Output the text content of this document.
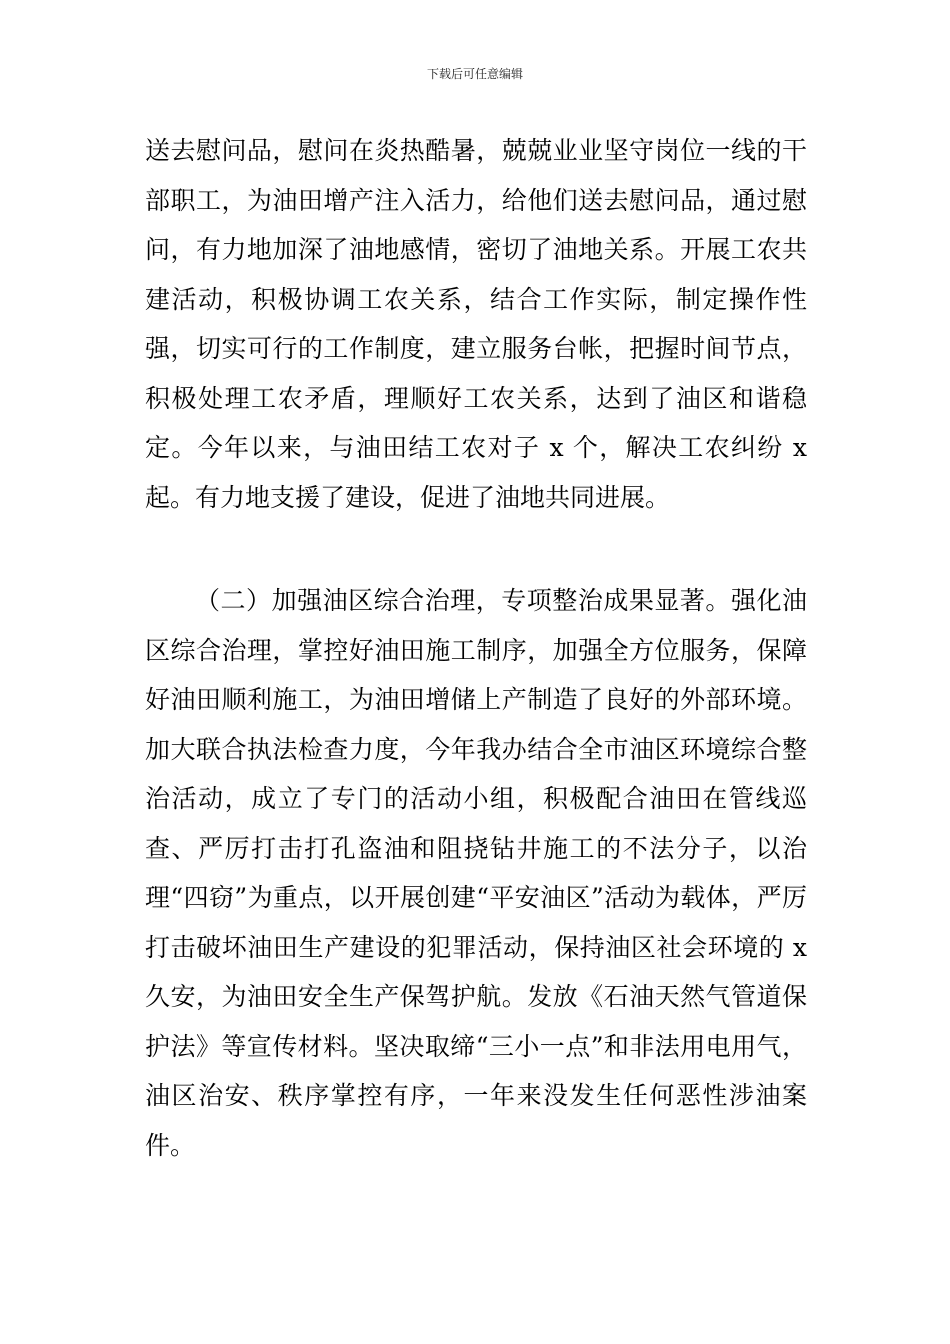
下载后可任意编辑

送去慰问品，慰问在炎热酷暑，兢兢业业坚守岗位一线的干部职工，为油田增产注入活力，给他们送去慰问品，通过慰问，有力地加深了油地感情，密切了油地关系。开展工农共建活动，积极协调工农关系，结合工作实际，制定操作性强，切实可行的工作制度，建立服务台帐，把握时间节点，积极处理工农矛盾，理顺好工农关系，达到了油区和谐稳定。今年以来，与油田结工农对子 x 个，解决工农纠纷 x 起。有力地支援了建设，促进了油地共同进展。

（二）加强油区综合治理，专项整治成果显著。强化油区综合治理，掌控好油田施工制序，加强全方位服务，保障好油田顺利施工，为油田增储上产制造了良好的外部环境。加大联合执法检查力度，今年我办结合全市油区环境综合整治活动，成立了专门的活动小组，积极配合油田在管线巡查、严厉打击打孔盗油和阻挠钻井施工的不法分子，以治理“四窃”为重点，以开展创建“平安油区”活动为载体，严厉打击破坏油田生产建设的犯罪活动，保持油区社会环境的 x 久安，为油田安全生产保驾护航。发放《石油天然气管道保护法》等宣传材料。坚决取缔“三小一点”和非法用电用气，油区治安、秩序掌控有序，一年来没发生任何恶性涉油案件。
